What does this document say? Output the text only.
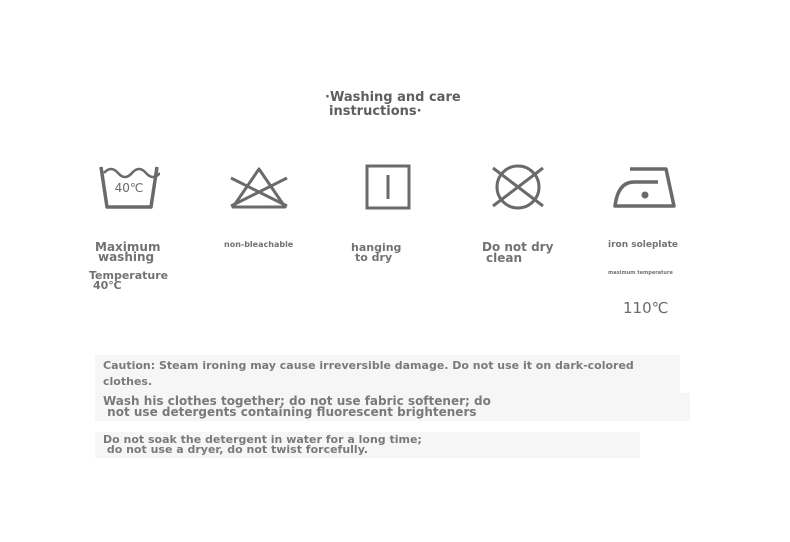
·Washing and care

instructions·
40℃
Maximum
washing
Temperature
40℃
non-bleachable	hanging
to dry
Do not dry
clean
iron soleplate
maximum temperature
110℃
Caution: Steam ironing may cause irreversible damage. Do not use it on dark-colored clothes.
Wash his clothes together; do not use fabric softener; do
not use detergents containing fluorescent brighteners
Do not soak the detergent in water for a long time;
do not use a dryer, do not twist forcefully.
